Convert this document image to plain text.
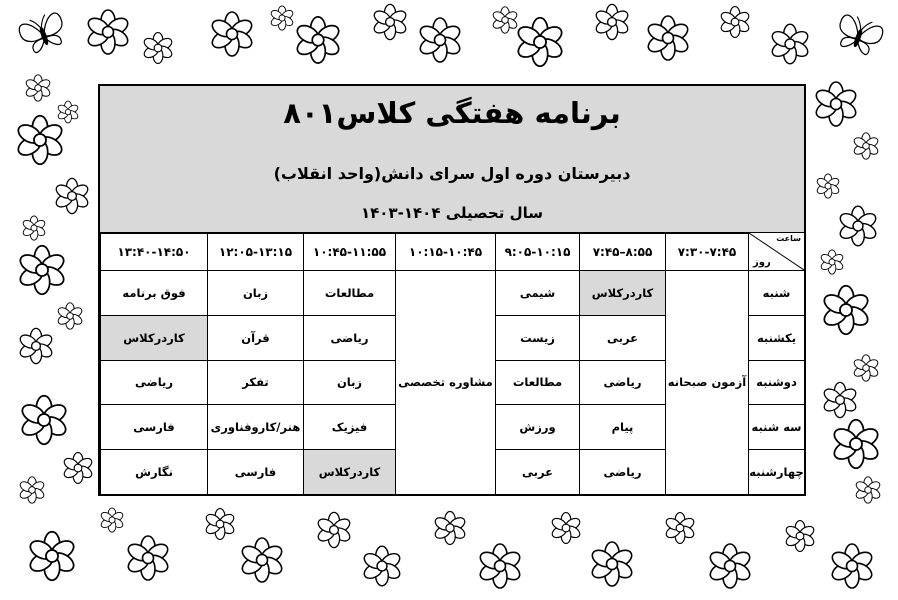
برنامه هفتگی کلاس۸۰۱
دبیرستان دوره اول سرای دانش(واحد انقلاب)
سال تحصیلی ۱۴۰۴-۱۴۰۳
ساعت
روز	۷:۳۰-۷:۴۵	۷:۴۵–۸:۵۵	۹:۰۵-۱۰:۱۵	۱۰:۱۵-۱۰:۴۵	۱۰:۴۵-۱۱:۵۵	۱۲:۰۵-۱۳:۱۵	۱۳:۴۰-۱۴:۵۰
شنبه	آزمون صبحانه	کاردرکلاس	شیمی	مشاوره تخصصی	مطالعات	زبان	فوق برنامه
یکشنبه		عربی	زیست		ریاضی	قرآن	کاردرکلاس
دوشنبه		ریاضی	مطالعات		زبان	تفکر	ریاضی
سه شنبه		پیام	ورزش		فیزیک	هنر/کاروفناوری	فارسی
چهارشنبه		ریاضی	عربی		کاردرکلاس	فارسی	نگارش
